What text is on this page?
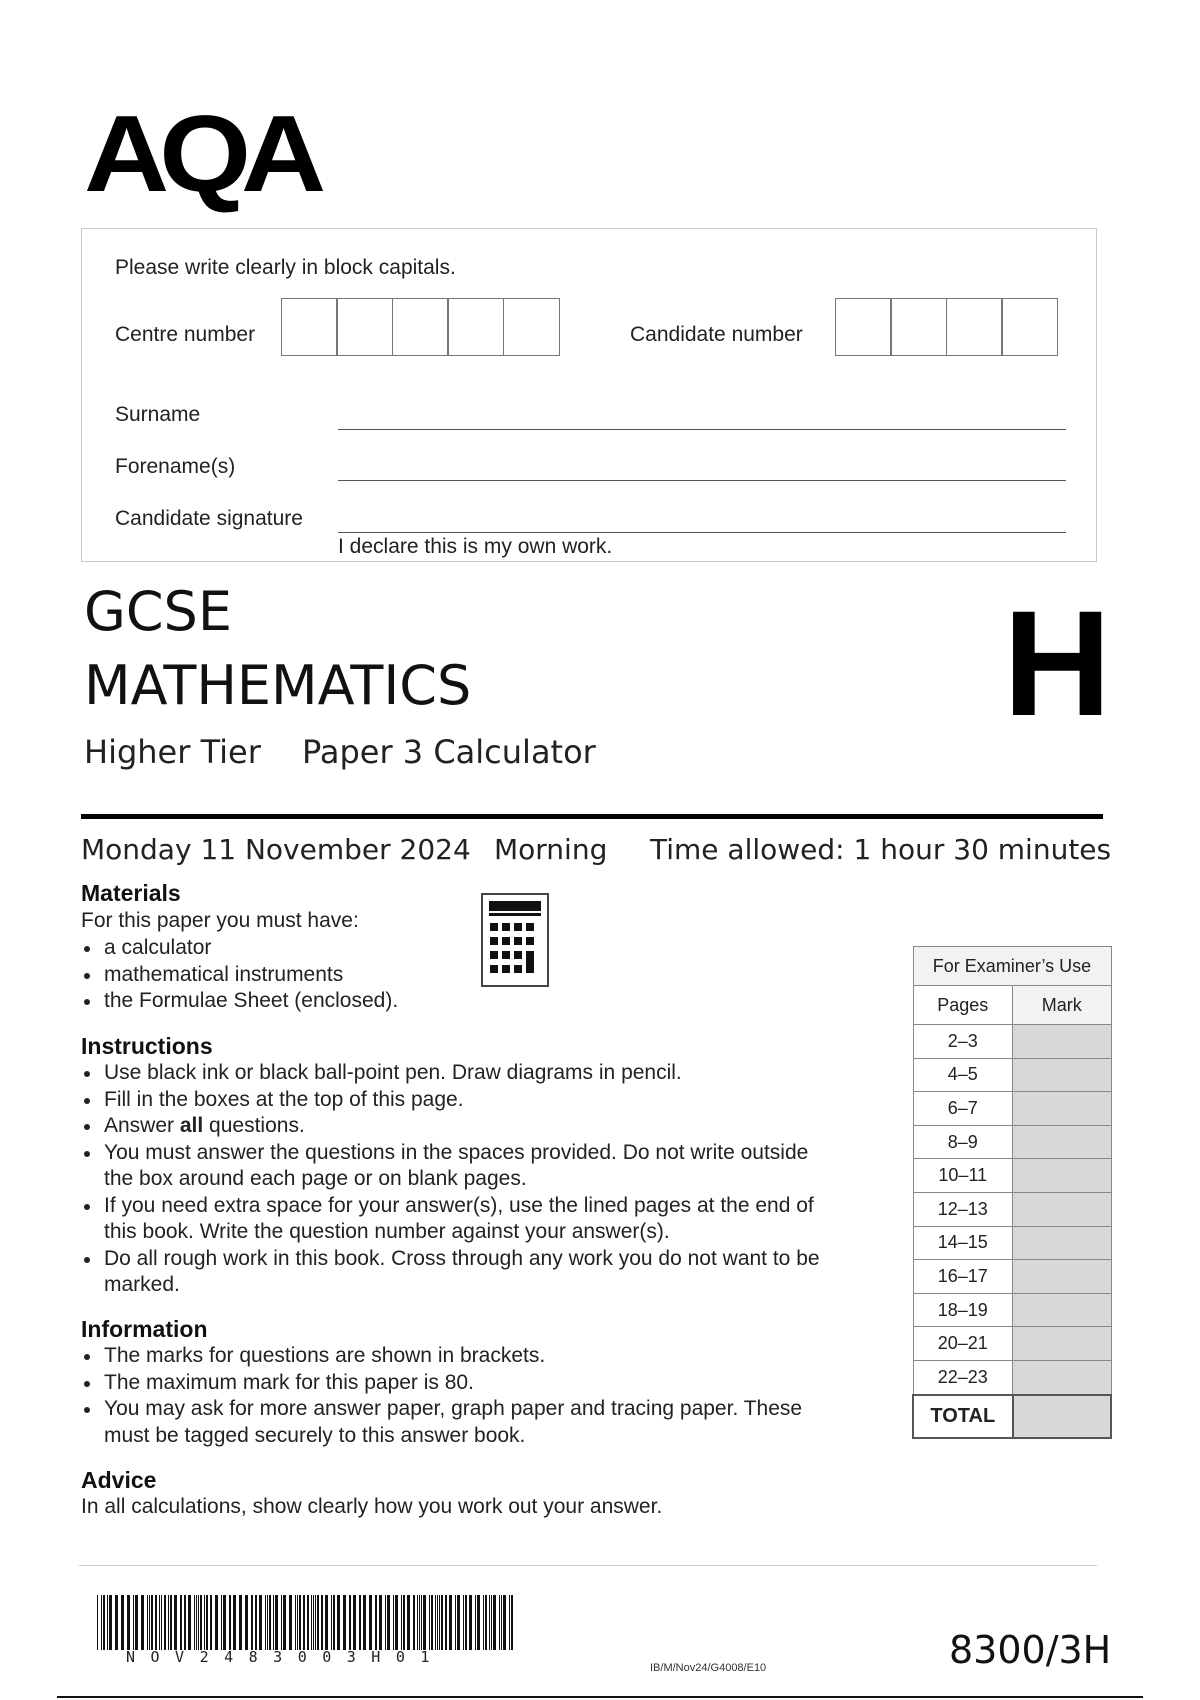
AQA
Please write clearly in block capitals.
Centre number	Candidate number
Surname
Forename(s)
Candidate signature
I declare this is my own work.
GCSE
MATHEMATICS
Higher Tier Paper 3 Calculator
H
Monday 11 November 2024 Morning Time allowed: 1 hour 30 minutes
Materials
For this paper you must have:
a calculator
mathematical instruments
the Formulae Sheet (enclosed).
Instructions
Use black ink or black ball-point pen. Draw diagrams in pencil.
Fill in the boxes at the top of this page.
Answer all questions.
You must answer the questions in the spaces provided. Do not write outside the box around each page or on blank pages.
If you need extra space for your answer(s), use the lined pages at the end of this book. Write the question number against your answer(s).
Do all rough work in this book. Cross through any work you do not want to be marked.
Information
The marks for questions are shown in brackets.
The maximum mark for this paper is 80.
You may ask for more answer paper, graph paper and tracing paper. These must be tagged securely to this answer book.
Advice
In all calculations, show clearly how you work out your answer.
For Examiner’s Use	
Pages	Mark
2–3	
4–5	
6–7	
8–9	
10–11	
12–13	
14–15	
16–17	
18–19	
20–21	
22–23	
TOTAL	
NOV2483003H01
IB/M/Nov24/G4008/E10	8300/3H
